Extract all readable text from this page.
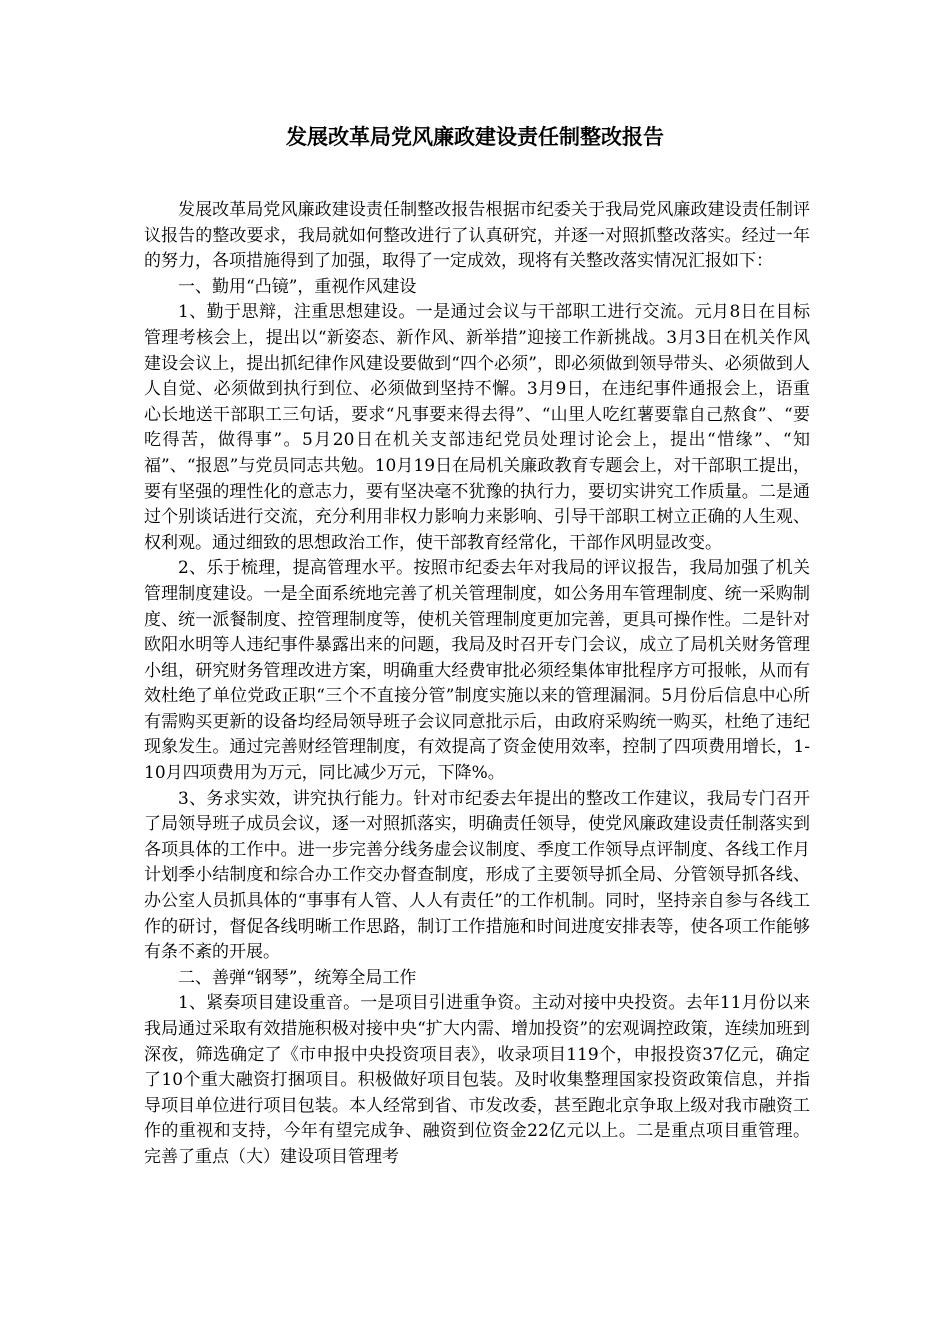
发展改革局党风廉政建设责任制整改报告

发展改革局党风廉政建设责任制整改报告根据市纪委关于我局党风廉政建设责任制评议报告的整改要求，我局就如何整改进行了认真研究，并逐一对照抓整改落实。经过一年的努力，各项措施得到了加强，取得了一定成效，现将有关整改落实情况汇报如下：

一、勤用“凸镜”，重视作风建设

1、勤于思辩，注重思想建设。一是通过会议与干部职工进行交流。元月8日在目标管理考核会上，提出以“新姿态、新作风、新举措”迎接工作新挑战。3月3日在机关作风建设会议上，提出抓纪律作风建设要做到“四个必须”，即必须做到领导带头、必须做到人人自觉、必须做到执行到位、必须做到坚持不懈。3月9日，在违纪事件通报会上，语重心长地送干部职工三句话，要求“凡事要来得去得”、“山里人吃红薯要靠自己熬食”、“要吃得苦，做得事”。5月20日在机关支部违纪党员处理讨论会上，提出“惜缘”、“知福”、“报恩”与党员同志共勉。10月19日在局机关廉政教育专题会上，对干部职工提出，要有坚强的理性化的意志力，要有坚决毫不犹豫的执行力，要切实讲究工作质量。二是通过个别谈话进行交流，充分利用非权力影响力来影响、引导干部职工树立正确的人生观、权利观。通过细致的思想政治工作，使干部教育经常化，干部作风明显改变。

2、乐于梳理，提高管理水平。按照市纪委去年对我局的评议报告，我局加强了机关管理制度建设。一是全面系统地完善了机关管理制度，如公务用车管理制度、统一采购制度、统一派餐制度、控管理制度等，使机关管理制度更加完善，更具可操作性。二是针对欧阳水明等人违纪事件暴露出来的问题，我局及时召开专门会议，成立了局机关财务管理小组，研究财务管理改进方案，明确重大经费审批必须经集体审批程序方可报帐，从而有效杜绝了单位党政正职“三个不直接分管”制度实施以来的管理漏洞。5月份后信息中心所有需购买更新的设备均经局领导班子会议同意批示后，由政府采购统一购买，杜绝了违纪现象发生。通过完善财经管理制度，有效提高了资金使用效率，控制了四项费用增长，1-10月四项费用为万元，同比减少万元，下降%。

3、务求实效，讲究执行能力。针对市纪委去年提出的整改工作建议，我局专门召开了局领导班子成员会议，逐一对照抓落实，明确责任领导，使党风廉政建设责任制落实到各项具体的工作中。进一步完善分线务虚会议制度、季度工作领导点评制度、各线工作月计划季小结制度和综合办工作交办督查制度，形成了主要领导抓全局、分管领导抓各线、办公室人员抓具体的“事事有人管、人人有责任”的工作机制。同时，坚持亲自参与各线工作的研讨，督促各线明晰工作思路，制订工作措施和时间进度安排表等，使各项工作能够有条不紊的开展。

二、善弹“钢琴”，统筹全局工作

1、紧奏项目建设重音。一是项目引进重争资。主动对接中央投资。去年11月份以来我局通过采取有效措施积极对接中央“扩大内需、增加投资”的宏观调控政策，连续加班到深夜，筛选确定了《市申报中央投资项目表》，收录项目119个，申报投资37亿元，确定了10个重大融资打捆项目。积极做好项目包装。及时收集整理国家投资政策信息，并指导项目单位进行项目包装。本人经常到省、市发改委，甚至跑北京争取上级对我市融资工作的重视和支持，今年有望完成争、融资到位资金22亿元以上。二是重点项目重管理。完善了重点（大）建设项目管理考
